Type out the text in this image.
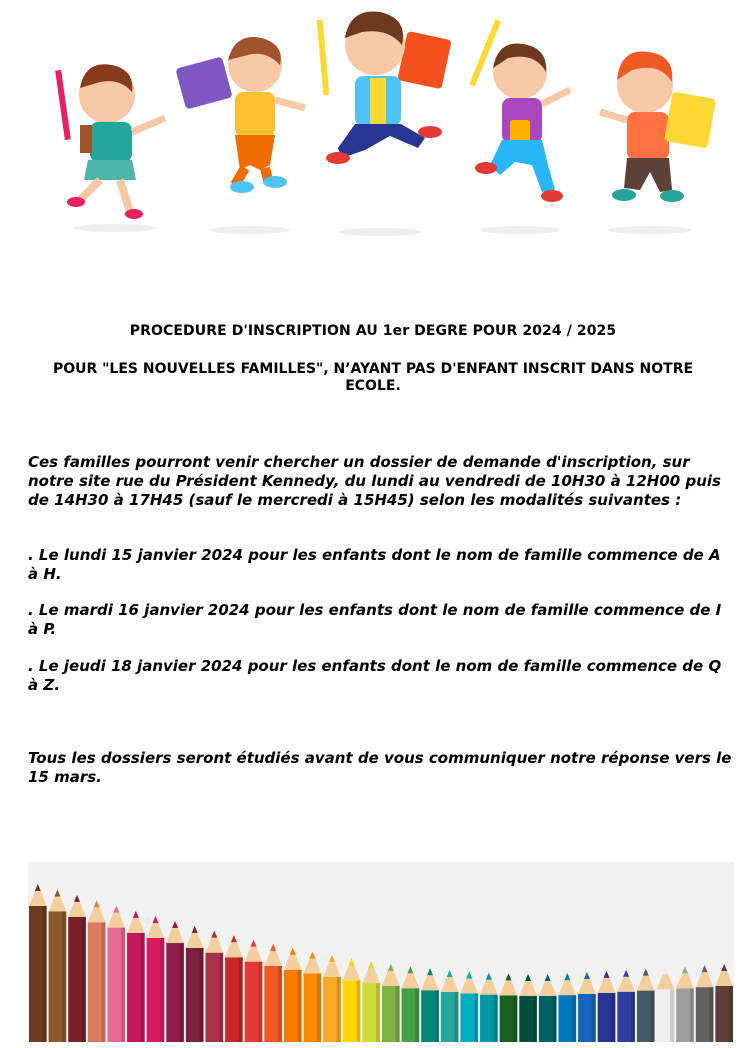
PROCEDURE D'INSCRIPTION AU 1er DEGRE POUR 2024 / 2025
POUR "LES NOUVELLES FAMILLES", N’AYANT PAS D'ENFANT INSCRIT DANS NOTRE ECOLE.
Ces familles pourront venir chercher un dossier de demande d'inscription, sur notre site rue du Président Kennedy, du lundi au vendredi de 10H30 à 12H00 puis de 14H30 à 17H45 (sauf le mercredi à 15H45) selon les modalités suivantes :
. Le lundi 15 janvier 2024 pour les enfants dont le nom de famille commence de A à H.
. Le mardi 16 janvier 2024 pour les enfants dont le nom de famille commence de I à P.
. Le jeudi 18 janvier 2024 pour les enfants dont le nom de famille commence de Q à Z.
Tous les dossiers seront étudiés avant de vous communiquer notre réponse vers le 15 mars.
